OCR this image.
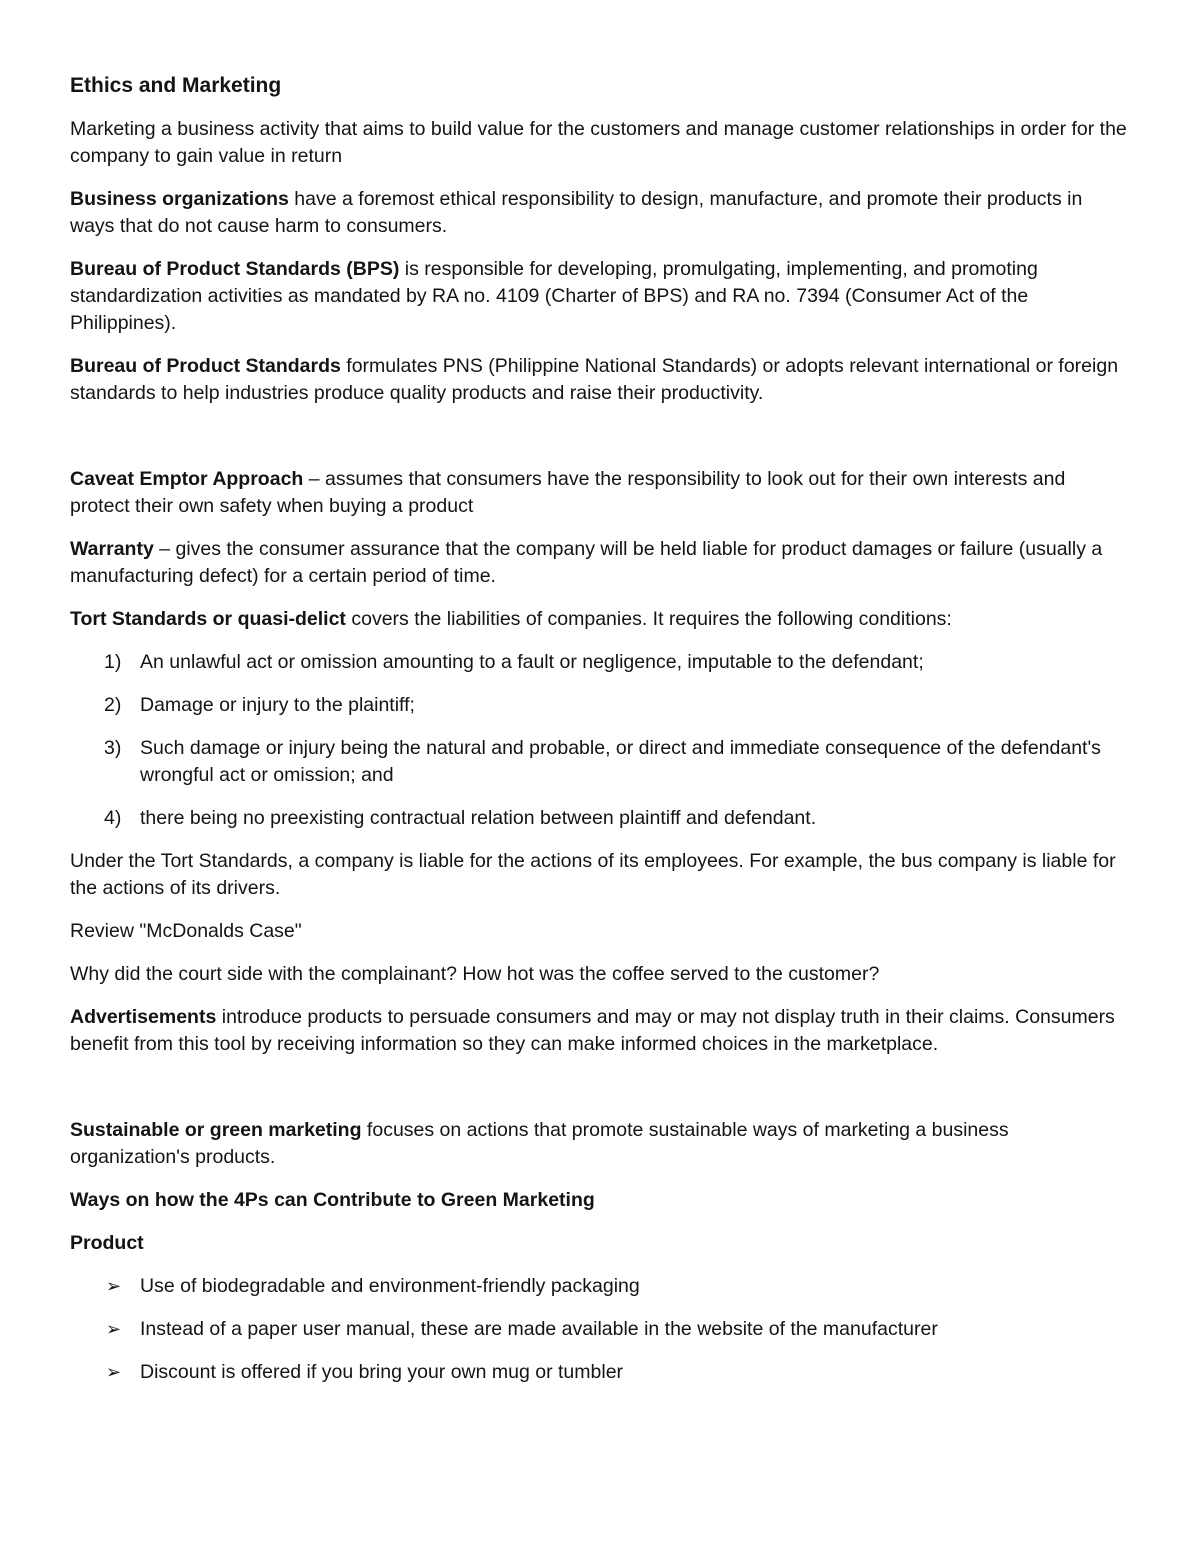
Ethics and Marketing

Marketing a business activity that aims to build value for the customers and manage customer relationships in order for the company to gain value in return

Business organizations have a foremost ethical responsibility to design, manufacture, and promote their products in ways that do not cause harm to consumers.

Bureau of Product Standards (BPS) is responsible for developing, promulgating, implementing, and promoting standardization activities as mandated by RA no. 4109 (Charter of BPS) and RA no. 7394 (Consumer Act of the Philippines).

Bureau of Product Standards formulates PNS (Philippine National Standards) or adopts relevant international or foreign standards to help industries produce quality products and raise their productivity.

Caveat Emptor Approach – assumes that consumers have the responsibility to look out for their own interests and protect their own safety when buying a product

Warranty – gives the consumer assurance that the company will be held liable for product damages or failure (usually a manufacturing defect) for a certain period of time.

Tort Standards or quasi-delict covers the liabilities of companies. It requires the following conditions:

1) An unlawful act or omission amounting to a fault or negligence, imputable to the defendant;
2) Damage or injury to the plaintiff;
3) Such damage or injury being the natural and probable, or direct and immediate consequence of the defendant's wrongful act or omission; and
4) there being no preexisting contractual relation between plaintiff and defendant.

Under the Tort Standards, a company is liable for the actions of its employees. For example, the bus company is liable for the actions of its drivers.

Review "McDonalds Case"

Why did the court side with the complainant? How hot was the coffee served to the customer?

Advertisements introduce products to persuade consumers and may or may not display truth in their claims. Consumers benefit from this tool by receiving information so they can make informed choices in the marketplace.

Sustainable or green marketing focuses on actions that promote sustainable ways of marketing a business organization's products.

Ways on how the 4Ps can Contribute to Green Marketing

Product

➢ Use of biodegradable and environment-friendly packaging
➢ Instead of a paper user manual, these are made available in the website of the manufacturer
➢ Discount is offered if you bring your own mug or tumbler
